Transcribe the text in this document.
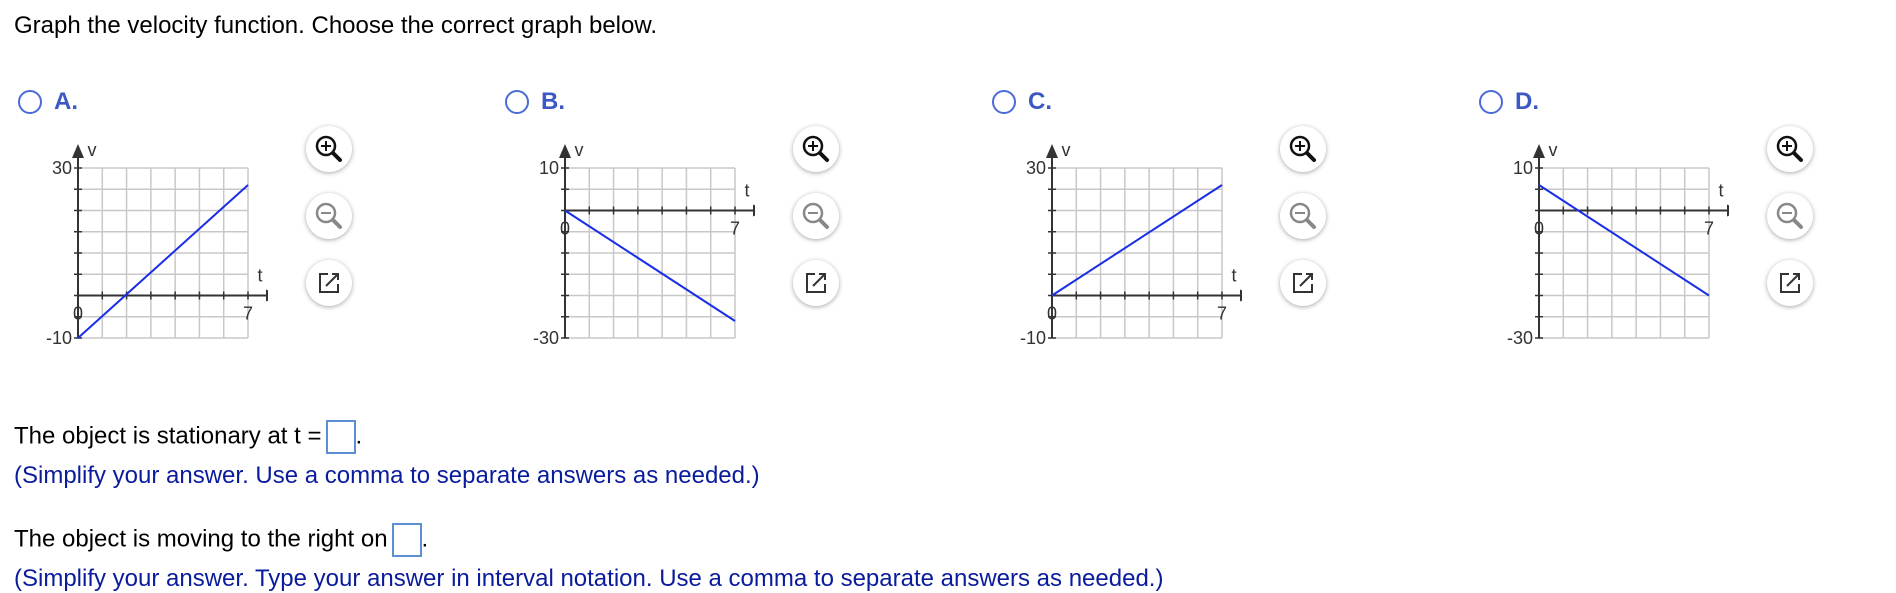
Graph the velocity function. Choose the correct graph below.
A.
30
-10
0	7
t
v
B.
10
-30
0	7
t
v
C.
30
-10
0	7
t
v
D.
10
-30
0	7
t
v
The object is stationary at t = .
(Simplify your answer. Use a comma to separate answers as needed.)
The object is moving to the right on .
(Simplify your answer. Type your answer in interval notation. Use a comma to separate answers as needed.)
